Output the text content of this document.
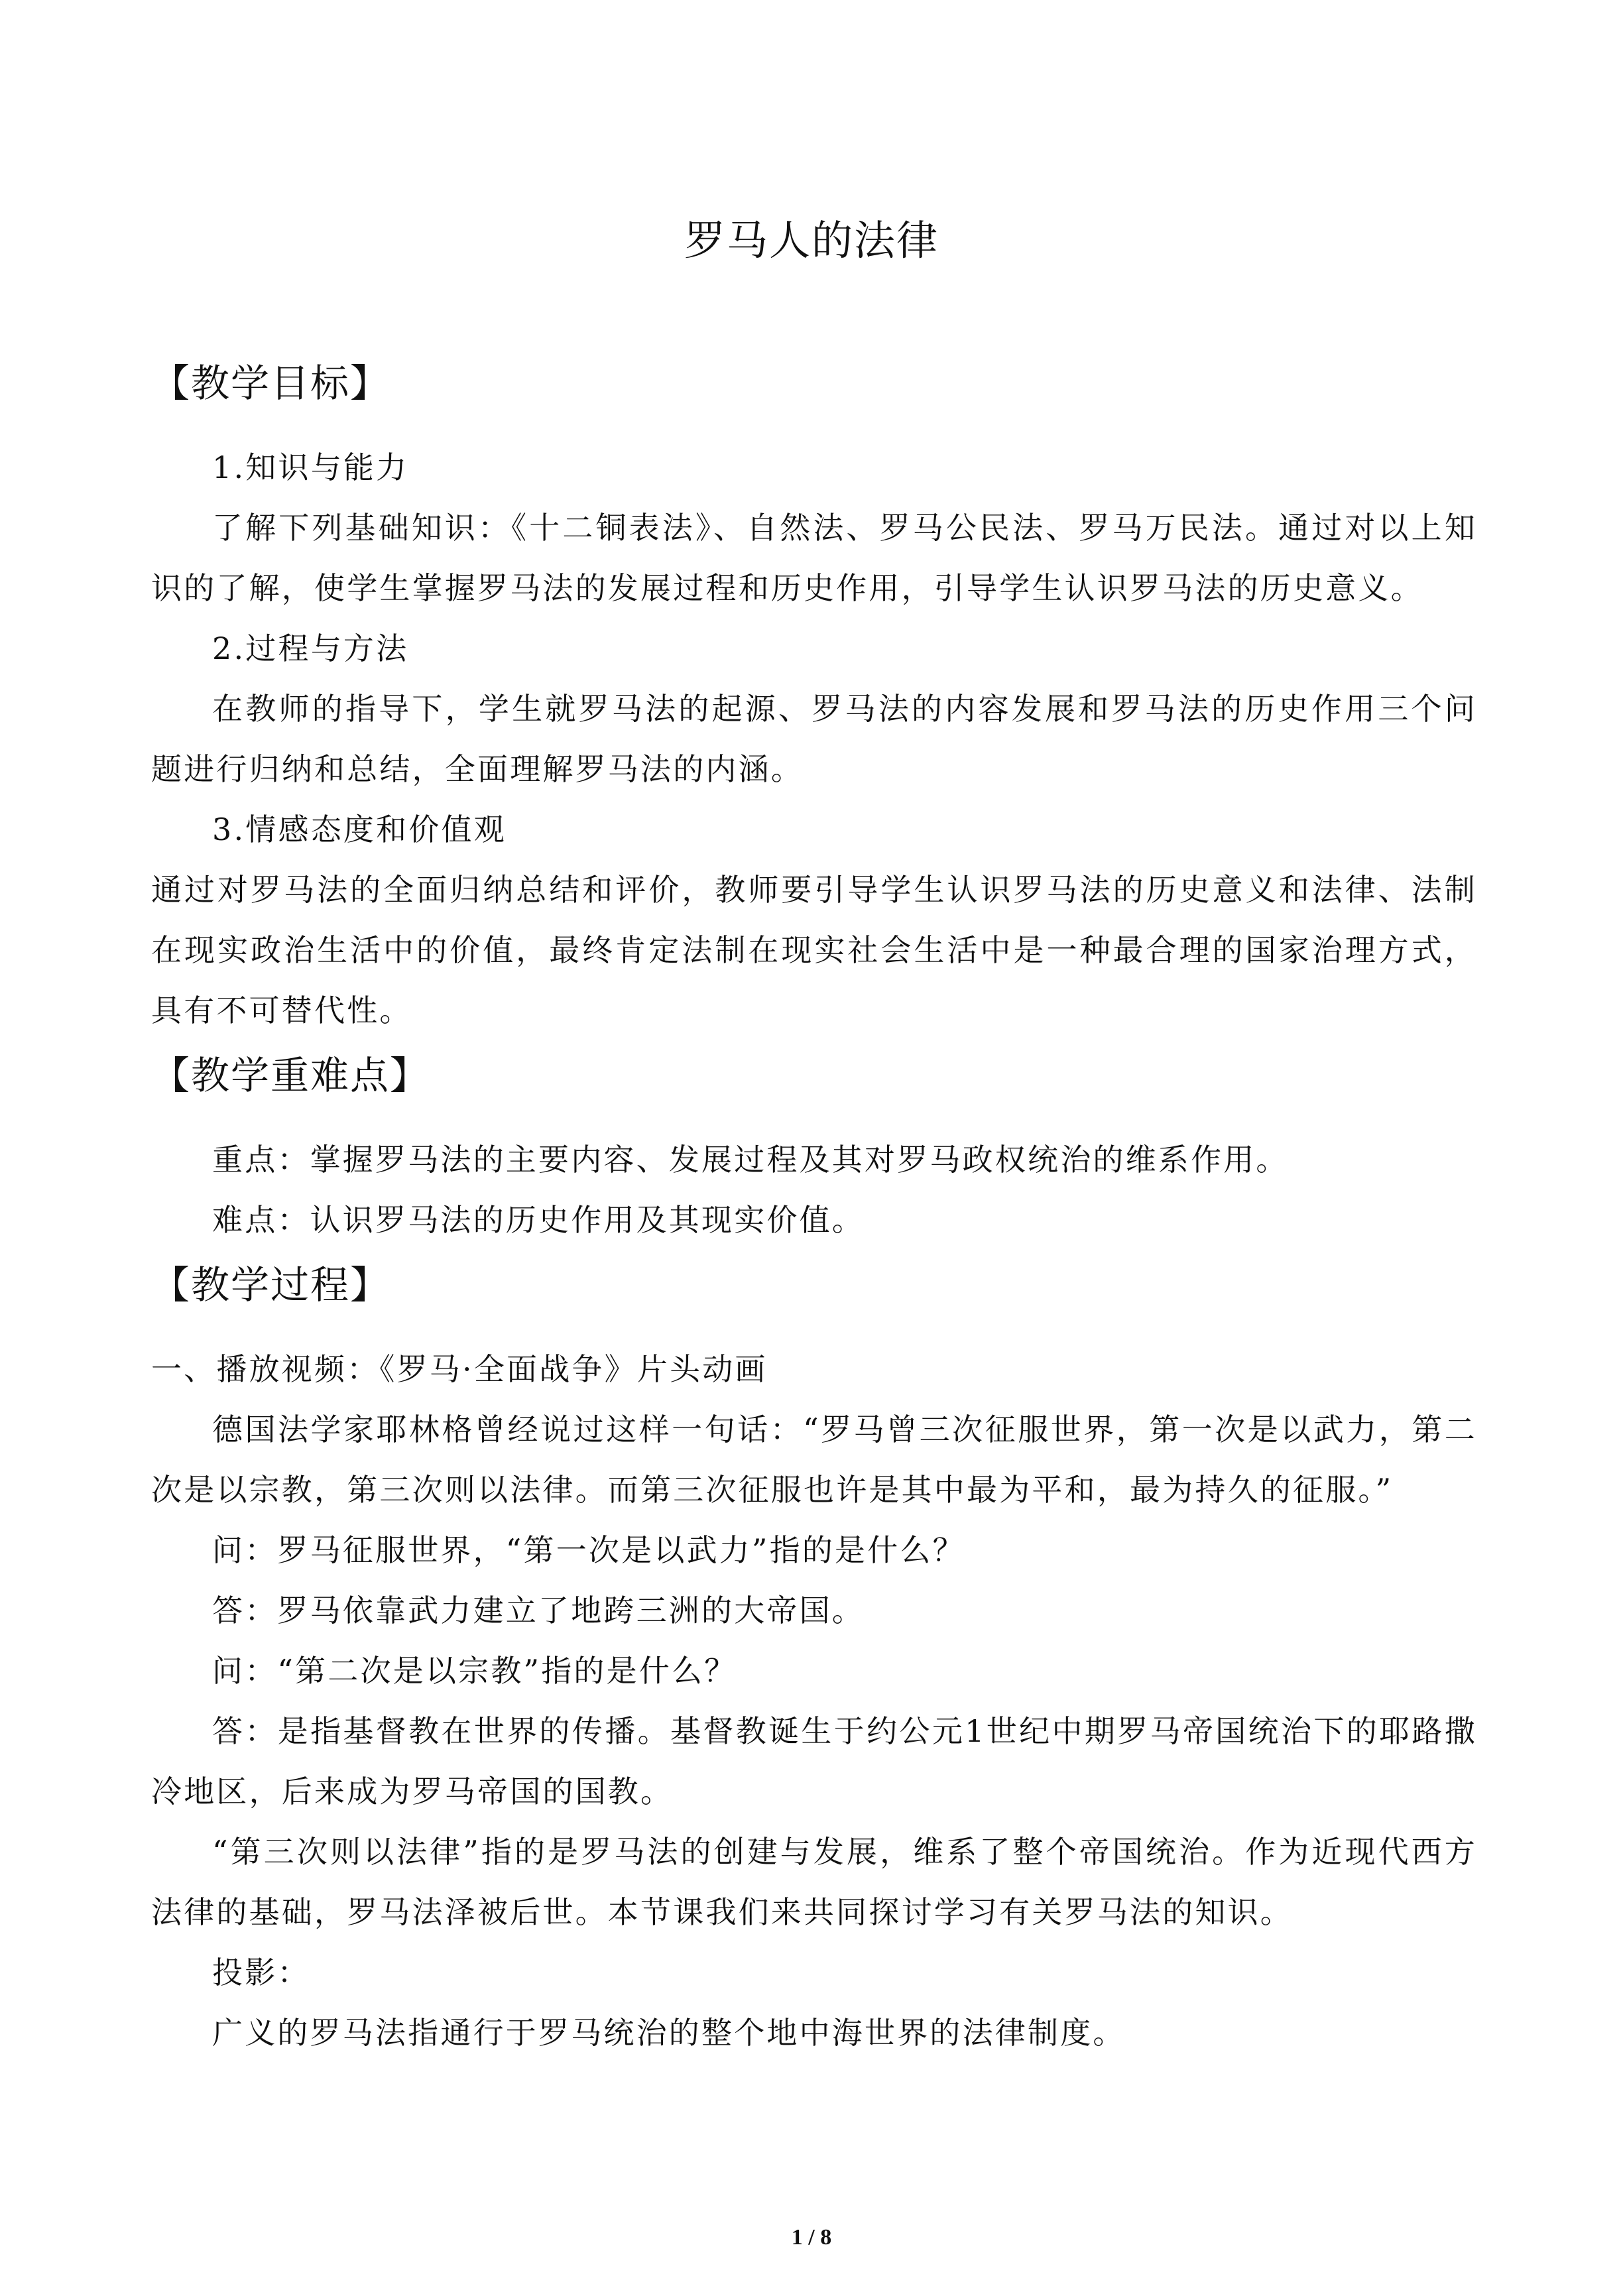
罗马人的法律
【教学目标】

1.知识与能力

了解下列基础知识：《十二铜表法》、自然法、罗马公民法、罗马万民法。通过对以上知识的了解，使学生掌握罗马法的发展过程和历史作用，引导学生认识罗马法的历史意义。

2.过程与方法

在教师的指导下，学生就罗马法的起源、罗马法的内容发展和罗马法的历史作用三个问题进行归纳和总结，全面理解罗马法的内涵。

3.情感态度和价值观

通过对罗马法的全面归纳总结和评价，教师要引导学生认识罗马法的历史意义和法律、法制在现实政治生活中的价值，最终肯定法制在现实社会生活中是一种最合理的国家治理方式，具有不可替代性。

【教学重难点】

重点：掌握罗马法的主要内容、发展过程及其对罗马政权统治的维系作用。

难点：认识罗马法的历史作用及其现实价值。

【教学过程】

一、播放视频：《罗马·全面战争》片头动画

德国法学家耶林格曾经说过这样一句话：“罗马曾三次征服世界，第一次是以武力，第二次是以宗教，第三次则以法律。而第三次征服也许是其中最为平和，最为持久的征服。”

问：罗马征服世界，“第一次是以武力”指的是什么？

答：罗马依靠武力建立了地跨三洲的大帝国。

问：“第二次是以宗教”指的是什么？

答：是指基督教在世界的传播。基督教诞生于约公元1世纪中期罗马帝国统治下的耶路撒冷地区，后来成为罗马帝国的国教。

“第三次则以法律”指的是罗马法的创建与发展，维系了整个帝国统治。作为近现代西方法律的基础，罗马法泽被后世。本节课我们来共同探讨学习有关罗马法的知识。

投影：

广义的罗马法指通行于罗马统治的整个地中海世界的法律制度。

1 / 8
